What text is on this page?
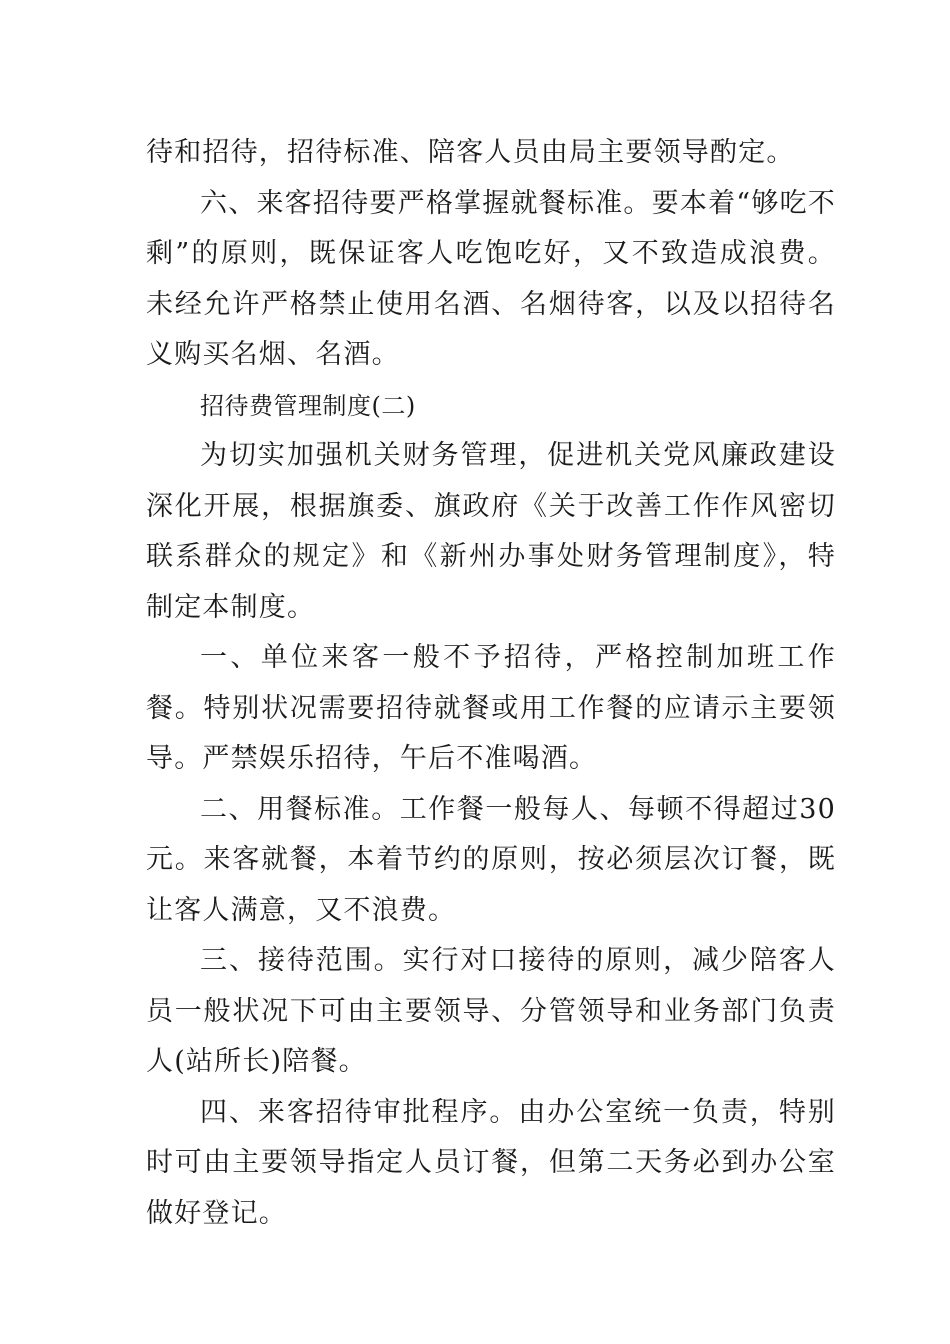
待和招待，招待标准、陪客人员由局主要领导酌定。

六、来客招待要严格掌握就餐标准。要本着“够吃不剩”的原则，既保证客人吃饱吃好，又不致造成浪费。未经允许严格禁止使用名酒、名烟待客，以及以招待名义购买名烟、名酒。

招待费管理制度(二)

为切实加强机关财务管理，促进机关党风廉政建设深化开展，根据旗委、旗政府《关于改善工作作风密切联系群众的规定》和《新州办事处财务管理制度》，特制定本制度。

一、单位来客一般不予招待，严格控制加班工作餐。特别状况需要招待就餐或用工作餐的应请示主要领导。严禁娱乐招待，午后不准喝酒。

二、用餐标准。工作餐一般每人、每顿不得超过30元。来客就餐，本着节约的原则，按必须层次订餐，既让客人满意，又不浪费。

三、接待范围。实行对口接待的原则，减少陪客人员一般状况下可由主要领导、分管领导和业务部门负责人(站所长)陪餐。

四、来客招待审批程序。由办公室统一负责，特别时可由主要领导指定人员订餐，但第二天务必到办公室做好登记。
